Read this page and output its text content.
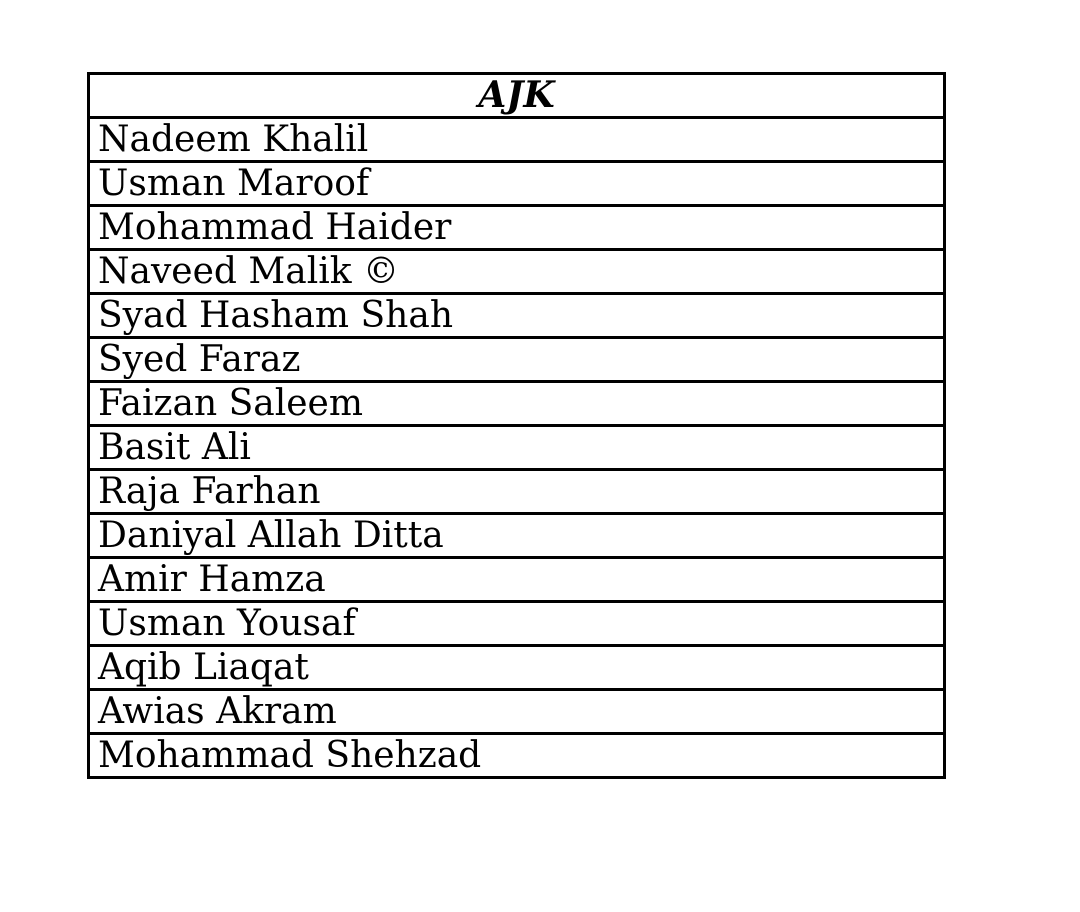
AJK
Nadeem Khalil
Usman Maroof
Mohammad Haider
Naveed Malik ©
Syad Hasham Shah
Syed Faraz
Faizan Saleem
Basit Ali
Raja Farhan
Daniyal Allah Ditta
Amir Hamza
Usman Yousaf
Aqib Liaqat
Awias Akram
Mohammad Shehzad
